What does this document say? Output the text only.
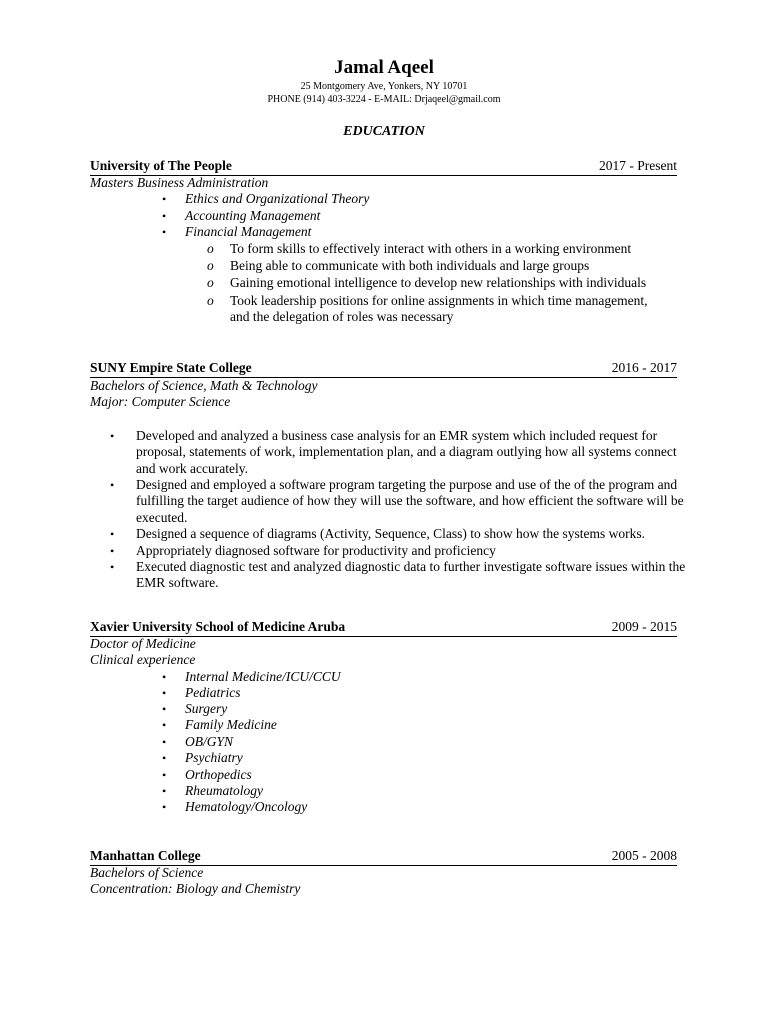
Jamal Aqeel
25 Montgomery Ave, Yonkers, NY 10701
PHONE (914) 403-3224 - E-MAIL: Drjaqeel@gmail.com
EDUCATION
University of The People	2017 - Present
Masters Business Administration
• Ethics and Organizational Theory
• Accounting Management
• Financial Management
o To form skills to effectively interact with others in a working environment
o Being able to communicate with both individuals and large groups
o Gaining emotional intelligence to develop new relationships with individuals
o Took leadership positions for online assignments in which time management, and the delegation of roles was necessary
SUNY Empire State College	2016 - 2017
Bachelors of Science, Math & Technology
Major: Computer Science
• Developed and analyzed a business case analysis for an EMR system which included request for proposal, statements of work, implementation plan, and a diagram outlying how all systems connect and work accurately.
• Designed and employed a software program targeting the purpose and use of the of the program and fulfilling the target audience of how they will use the software, and how efficient the software will be executed.
• Designed a sequence of diagrams (Activity, Sequence, Class) to show how the systems works.
• Appropriately diagnosed software for productivity and proficiency
• Executed diagnostic test and analyzed diagnostic data to further investigate software issues within the EMR software.
Xavier University School of Medicine Aruba	2009 - 2015
Doctor of Medicine
Clinical experience
• Internal Medicine/ICU/CCU
• Pediatrics
• Surgery
• Family Medicine
• OB/GYN
• Psychiatry
• Orthopedics
• Rheumatology
• Hematology/Oncology
Manhattan College	2005 - 2008
Bachelors of Science
Concentration: Biology and Chemistry
